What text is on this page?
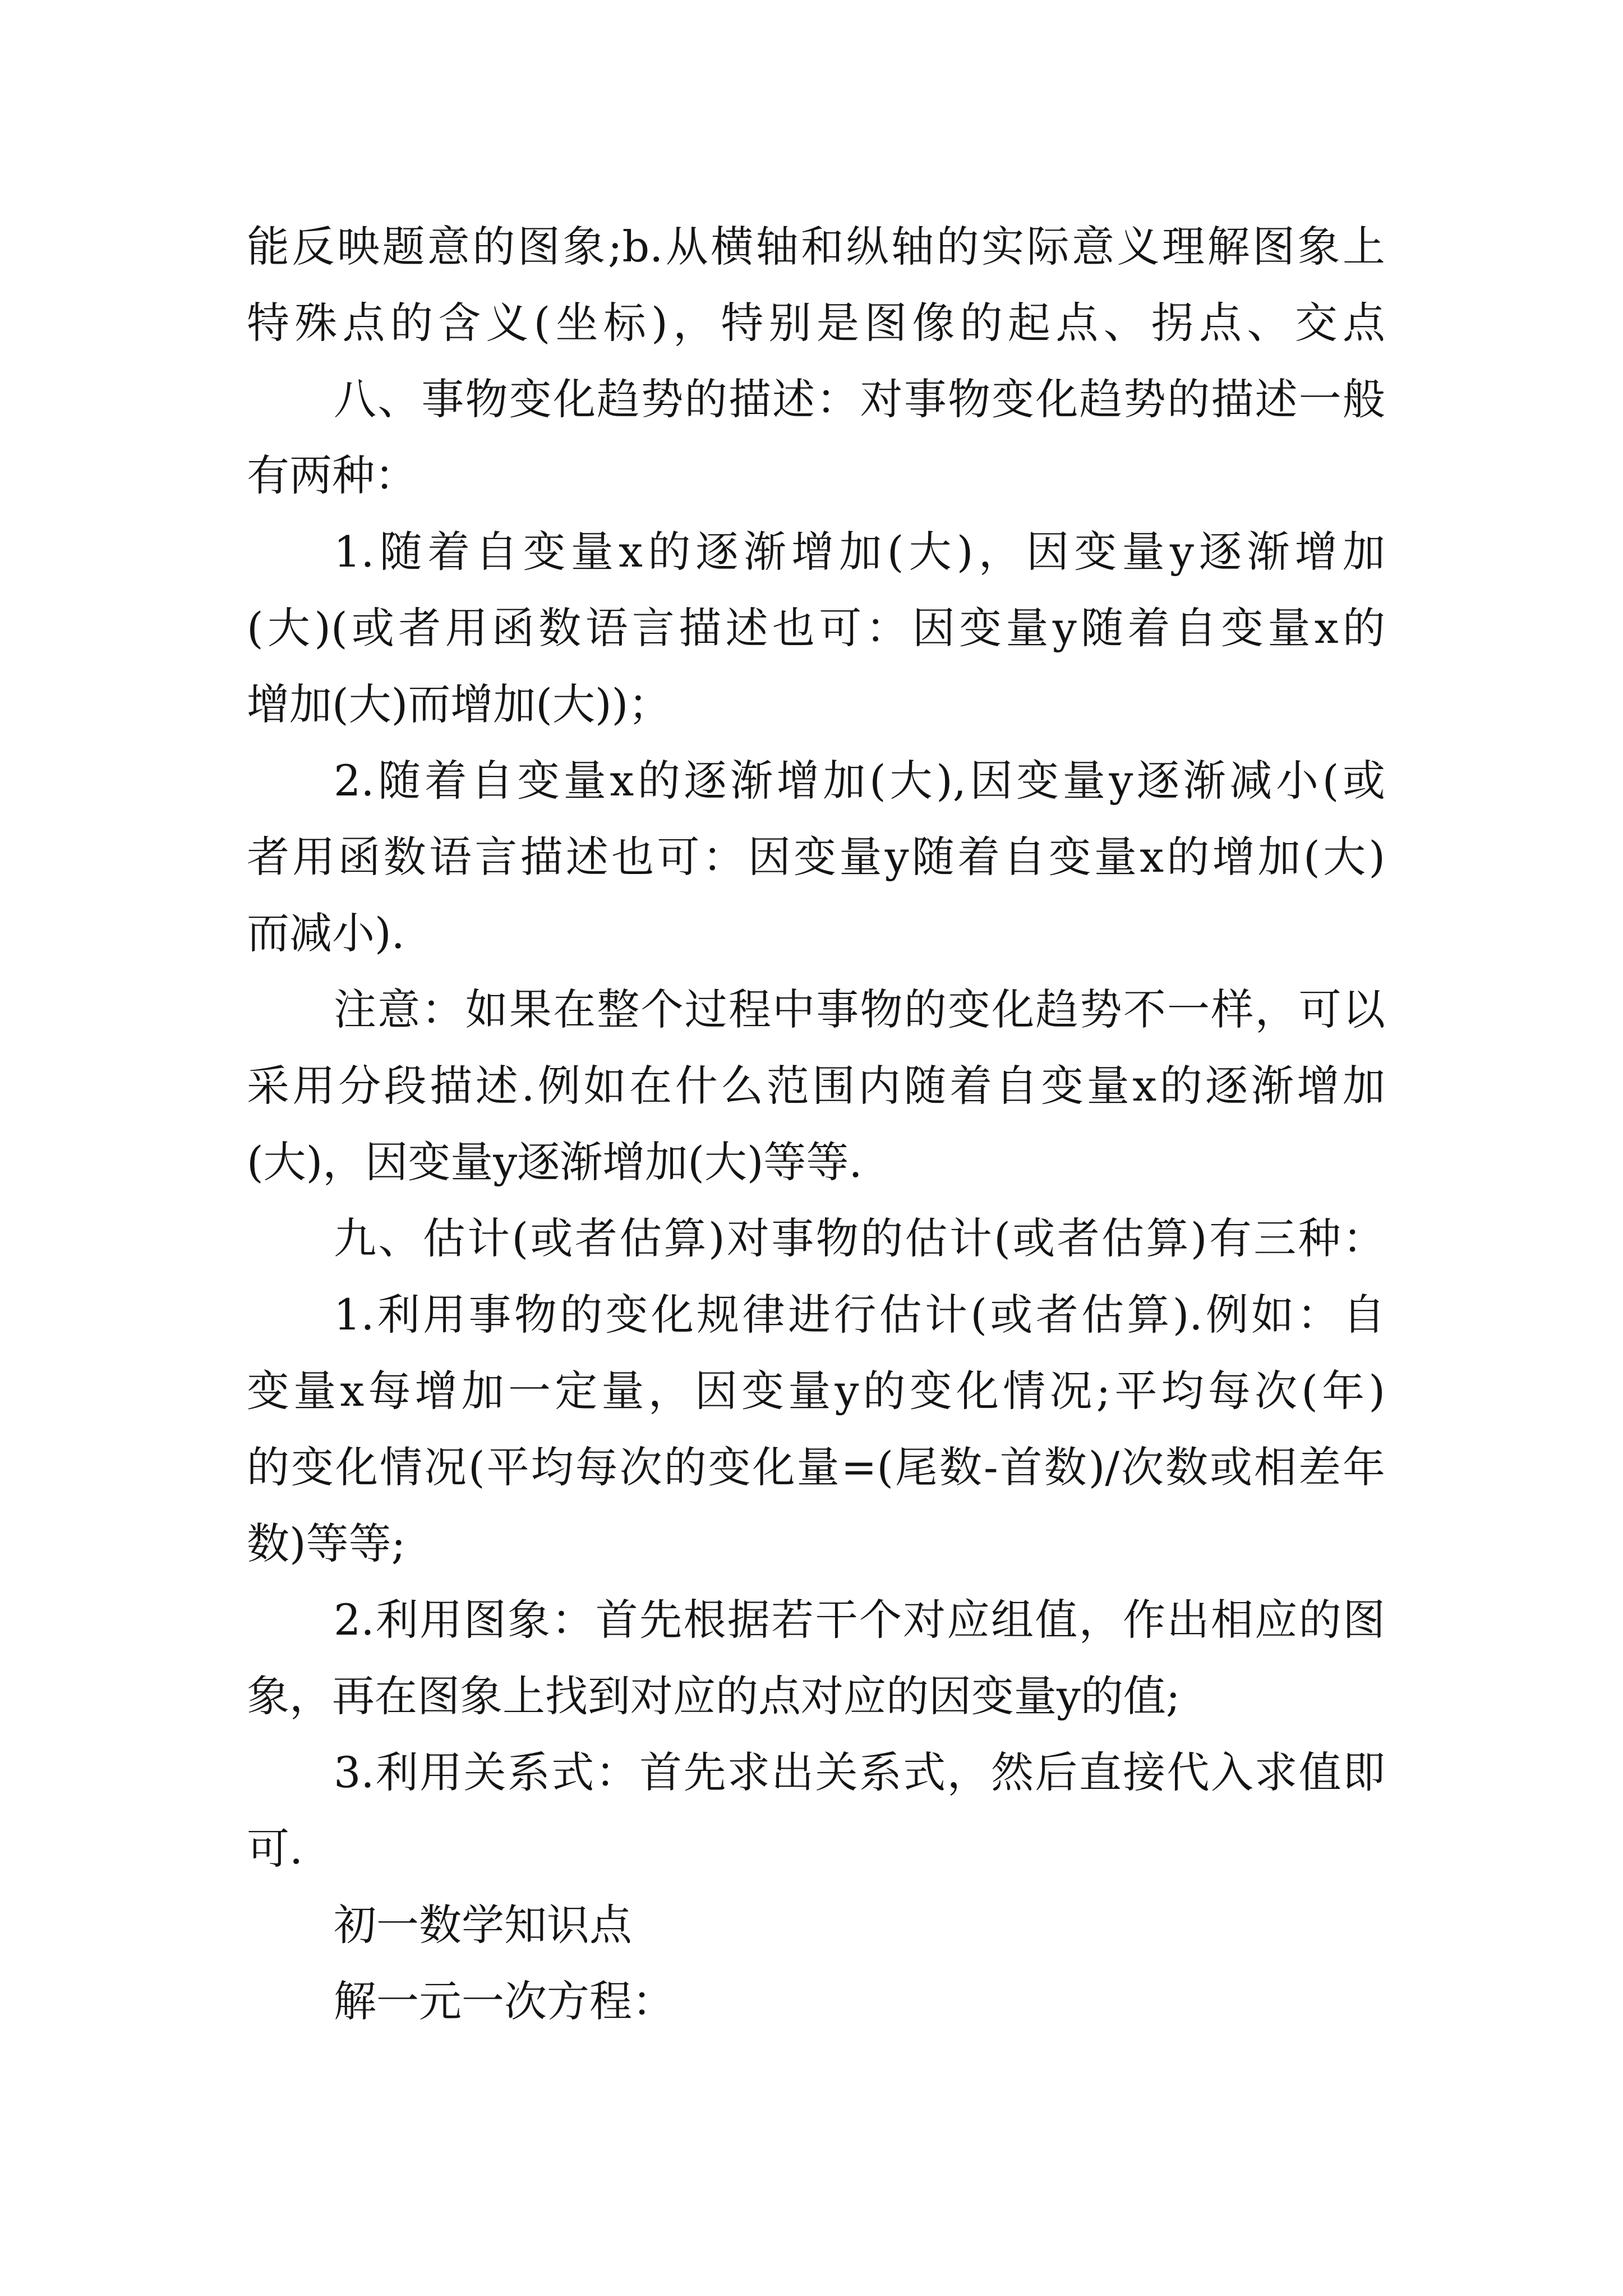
能反映题意的图象;b.从横轴和纵轴的实际意义理解图象上
特殊点的含义(坐标)，特别是图像的起点、拐点、交点
八、事物变化趋势的描述：对事物变化趋势的描述一般
有两种：
1.随着自变量x的逐渐增加(大)，因变量y逐渐增加
(大)(或者用函数语言描述也可：因变量y随着自变量x的
增加(大)而增加(大))；
2.随着自变量x的逐渐增加(大),因变量y逐渐减小(或
者用函数语言描述也可：因变量y随着自变量x的增加(大)
而减小).
注意：如果在整个过程中事物的变化趋势不一样，可以
采用分段描述.例如在什么范围内随着自变量x的逐渐增加
(大)，因变量y逐渐增加(大)等等.
九、估计(或者估算)对事物的估计(或者估算)有三种：
1.利用事物的变化规律进行估计(或者估算).例如：自
变量x每增加一定量，因变量y的变化情况;平均每次(年)
的变化情况(平均每次的变化量=(尾数-首数)/次数或相差年
数)等等;
2.利用图象：首先根据若干个对应组值，作出相应的图
象，再在图象上找到对应的点对应的因变量y的值;
3.利用关系式：首先求出关系式，然后直接代入求值即
可.
初一数学知识点
解一元一次方程：
